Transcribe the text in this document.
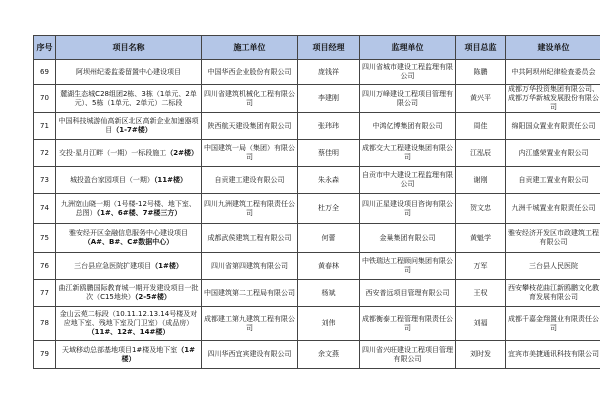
序号	项目名称	施工单位	项目经理	监理单位	项目总监	建设单位
69	阿坝州纪委监委留置中心建设项目	中国华西企业股份有限公司	庞钱祥	四川省城市建设工程监理有限公司	陈鹏	中共阿坝州纪律检查委员会
70	麓湖生态城C28组团2栋、3栋（1单元、2单元）、5栋（1单元、2单元）二标段	四川省建筑机械化工程有限公司	李建刚	四川万峰建设工程项目管理有限公司	黄兴平	成都万华投资集团有限公司、成都万华新城发展股份有限公司
71	中国科技城游仙高新区北区高新企业加速器项目（1-7#楼）	陕西航天建设集团有限公司	张玮玮	中鸿亿博集团有限公司	周佳	绵阳国众置业有限责任公司
72	交投·星月江畔（一期）一标段施工（2#楼）	中国建筑一局（集团）有限公司	蔡佳明	成都交大工程建设集团有限公司	江泓辰	内江盛荣置业有限公司
73	城投盈台家园项目（一期）（11#楼）	自贡建工建设有限公司	朱永森	自贡市中大建设工程监理有限公司	谢刚	自贡建工置业有限公司
74	九洲宽山晓一期（1号楼-12号楼、地下室、总图）（1#、6#楼、7#楼三方）	四川九洲建筑工程有限责任公司	杜万全	四川正星建设项目咨询有限公司	贺文忠	九洲千城置业有限责任公司
75	雅安经开区金融信息服务中心建设项目（A#、B#、C#数据中心）	成都武侯建筑工程有限公司	何蕾	金巢集团有限公司	黄魁学	雅安经济开发区市政建筑工程有限公司
76	三台县应急医院扩建项目（1#楼）	四川省第四建筑有限公司	黄春林	中铁瑞达工程顾问集团有限公司	万军	三台县人民医院
77	曲江新鸥鹏国际教育城一期开发建设项目一批次（C15地块）（2-5#楼）	中国建筑第二工程局有限公司	杨斌	西安普远项目管理有限公司	王权	西安攀枝花曲江新鸥鹏文化教育发展有限公司
78	金山云苑二标段（10.11.12.13.14号楼及对应地下室、残地下室及门卫室）（成品房）（11#、12#、14#楼）	成都建工第九建筑工程有限公司	刘伟	成都衡泰工程管理有限责任公司	刘福	成都千嘉金翔置业有限责任公司
79	天域移动总部基地项目1#楼及地下室（1#楼）	四川华西宜宾建设有限公司	余文燕	四川省兴旺建设工程项目管理有限公司	刘时发	宜宾市美捷通讯科技有限公司
